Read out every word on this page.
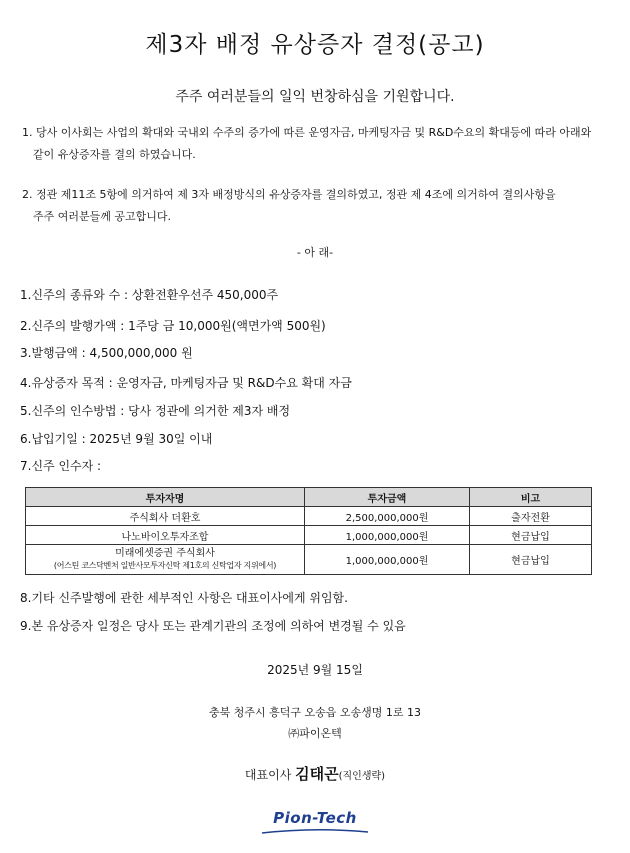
제3자 배정 유상증자 결정(공고)
주주 여러분들의 일익 번창하심을 기원합니다.
1. 당사 이사회는 사업의 확대와 국내외 수주의 증가에 따른 운영자금, 마케팅자금 및 R&D수요의 확대등에 따라 아래와
같이 유상증자를 결의 하였습니다.
2. 정관 제11조 5항에 의거하여 제 3자 배정방식의 유상증자를 결의하였고, 정관 제 4조에 의거하여 결의사항을
주주 여러분들께 공고합니다.
- 아 래-
1.신주의 종류와 수 : 상환전환우선주 450,000주
2.신주의 발행가액 : 1주당 금 10,000원(액면가액 500원)
3.발행금액 : 4,500,000,000 원
4.유상증자 목적 : 운영자금, 마케팅자금 및 R&D수요 확대 자금
5.신주의 인수방법 : 당사 정관에 의거한 제3자 배정
6.납입기일 : 2025년 9월 30일 이내
7.신주 인수자 :
투자자명	투자금액	비고
주식회사 더환호	2,500,000,000원	출자전환
나노바이오투자조합	1,000,000,000원	현금납입

미래에셋증권 주식회사
(어스틴 코스닥벤처 일반사모투자신탁 제1호의 신탁업자 지위에서)	1,000,000,000원	현금납입
8.기타 신주발행에 관한 세부적인 사항은 대표이사에게 위임함.
9.본 유상증자 일정은 당사 또는 관계기관의 조정에 의하여 변경될 수 있음
2025년 9월 15일
충북 청주시 흥덕구 오송읍 오송생명 1로 13
㈜파이온텍
대표이사 김태곤(직인생략)
Pion-Tech
